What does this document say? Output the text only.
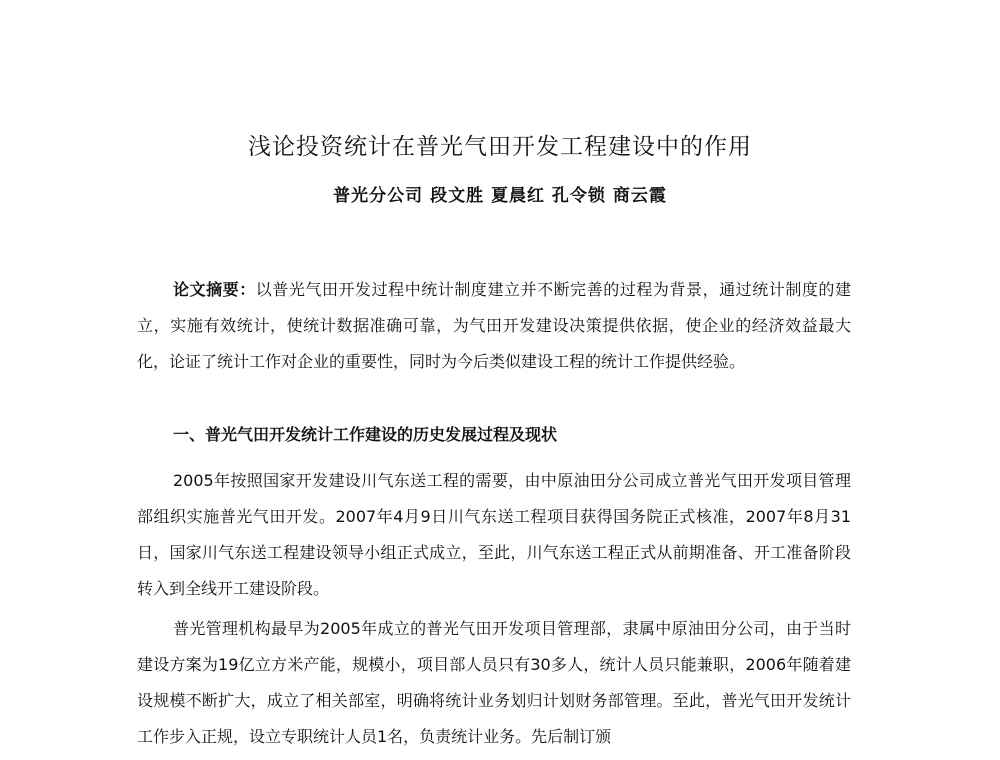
浅论投资统计在普光气田开发工程建设中的作用
普光分公司 段文胜 夏晨红 孔令锁 商云霞
论文摘要：以普光气田开发过程中统计制度建立并不断完善的过程为背景，通过统计制度的建立，实施有效统计，使统计数据准确可靠，为气田开发建设决策提供依据，使企业的经济效益最大化，论证了统计工作对企业的重要性，同时为今后类似建设工程的统计工作提供经验。
一、普光气田开发统计工作建设的历史发展过程及现状
2005年按照国家开发建设川气东送工程的需要，由中原油田分公司成立普光气田开发项目管理部组织实施普光气田开发。2007年4月9日川气东送工程项目获得国务院正式核准，2007年8月31日，国家川气东送工程建设领导小组正式成立，至此，川气东送工程正式从前期准备、开工准备阶段转入到全线开工建设阶段。
普光管理机构最早为2005年成立的普光气田开发项目管理部，隶属中原油田分公司，由于当时建设方案为19亿立方米产能，规模小，项目部人员只有30多人，统计人员只能兼职，2006年随着建设规模不断扩大，成立了相关部室，明确将统计业务划归计划财务部管理。至此，普光气田开发统计工作步入正规，设立专职统计人员1名，负责统计业务。先后制订颁
